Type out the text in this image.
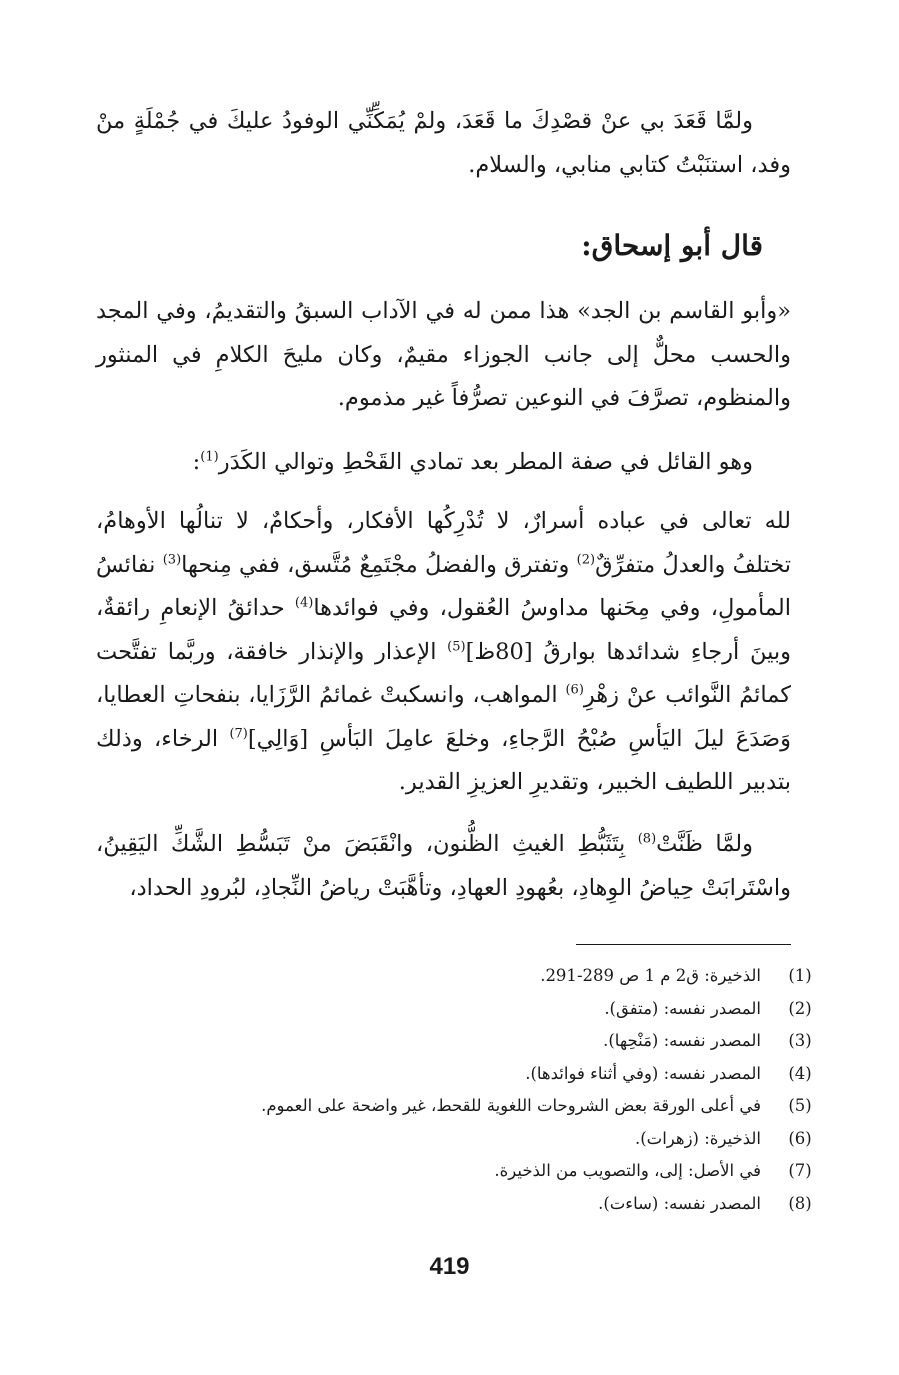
ولمَّا قَعَدَ بي عنْ قصْدِكَ ما قَعَدَ، ولمْ يُمَكِّنِّي الوفودُ عليكَ في جُمْلَةٍ منْ وفد، استنَبْتُ كتابي منابي، والسلام.

قال أبو إسحاق:

«وأبو القاسم بن الجد» هذا ممن له في الآداب السبقُ والتقديمُ، وفي المجد والحسب محلٌّ إلى جانب الجوزاء مقيمٌ، وكان مليحَ الكلامِ في المنثور والمنظوم، تصرَّفَ في النوعين تصرُّفاً غير مذموم.

وهو القائل في صفة المطر بعد تمادي القَحْطِ وتوالي الكَدَر$^{(1)}$:

لله تعالى في عباده أسرارٌ، لا تُدْرِكُها الأفكار، وأحكامٌ، لا تنالُها الأوهامُ، تختلفُ والعدلُ متفرِّقٌ$^{(2)}$ وتفترق والفضلُ مجْتَمِعٌ مُتَّسق، ففي مِنحها$^{(3)}$ نفائسُ المأمولِ، وفي مِحَنها مداوسُ العُقول، وفي فوائدها$^{(4)}$ حدائقُ الإنعامِ رائقةٌ، وبينَ أرجاءِ شدائدها بوارقُ [80ظ]$^{(5)}$ الإعذار والإنذار خافقة، وربَّما تفتَّحت كمائمُ النَّوائب عنْ زهْرِ$^{(6)}$ المواهب، وانسكبتْ غمائمُ الرَّزَايا، بنفحاتِ العطايا، وَصَدَعَ ليلَ اليَأسِ صُبْحُ الرَّجاءِ، وخلعَ عامِلَ البَأسِ [وَالِي]$^{(7)}$ الرخاء، وذلك بتدبير اللطيف الخبير، وتقديرِ العزيزِ القدير.

ولمَّا ظَنَّتْ$^{(8)}$ بِتَثَبُّطِ الغيثِ الظُّنون، وانْقَبَضَ منْ تَبَسُّطِ الشَّكِّ اليَقِينُ، واسْتَرابَتْ حِياضُ الوِهادِ، بعُهودِ العهادِ، وتأهَّبَتْ رياضُ النِّجادِ، لبُرودِ الحداد،

(1)
الذخيرة: ق2 م 1 ص 289-291.
(2)
المصدر نفسه: (متفق).
(3)
المصدر نفسه: (مَنْحِها).
(4)
المصدر نفسه: (وفي أثناء فوائدها).
(5)
في أعلى الورقة بعض الشروحات اللغوية للقحط، غير واضحة على العموم.
(6)
الذخيرة: (زهرات).
(7)
في الأصل: إلى، والتصويب من الذخيرة.
(8)
المصدر نفسه: (ساءت).
419
